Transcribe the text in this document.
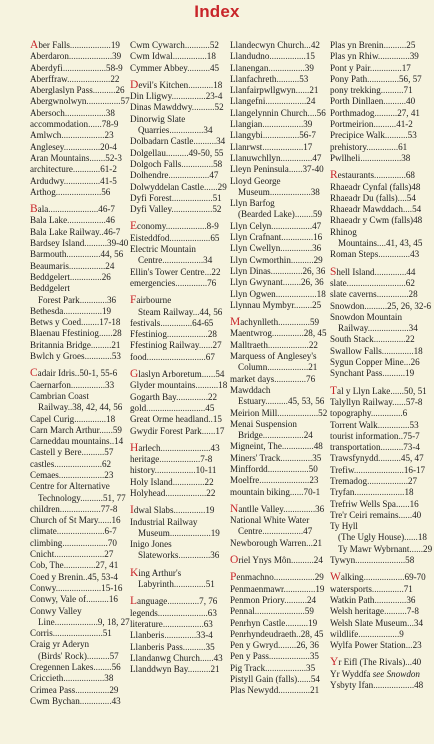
Index
Aber Falls..................19
Aberdaron...................39
Aberdyfi...................58-9
Aberffraw...................22
Aberglaslyn Pass..........26
Abergwnolwyn...............57
Abersoch..................38
accommodation......78-9
Amlwch...................23
Anglesey................20-4
Aran Mountains.......52-3
architecture............61-2
Ardudwy................41-5
Arthog....................56
Bala......................46-7
Bala Lake.................46
Bala Lake Railway..46-7
Bardsey Island..........39-40
Barmouth...............44, 56
Beaumaris................24
Beddgelert..............26
Beddgelert
Forest Park............36
Bethesda.................19
Betws y Coed........17-18
Blaenau Ffestiniog......28
Britannia Bridge.........21
Bwlch y Groes............53
Cadair Idris..50-1, 55-6
Caernarfon...............33
Cambrian Coast
Railway..38, 42, 44, 56
Capel Curig..............18
Carn March Arthur......59
Carneddau mountains..14
Castell y Bere..........57
castles.....................62
Cemaes....................23
Centre for Alternative
Technology..........51, 77
children..................77-8
Church of St Mary......16
climate.....................6-7
climbing....................70
Cnicht......................27
Cob, The..............27, 41
Coed y Brenin..45, 53-4
Conwy....................15-16
Conwy, Vale of..........16
Conwy Valley
Line...................9, 18, 27
Corris......................51
Craig yr Aderyn
(Birds' Rock)..........57
Cregennen Lakes........56
Criccieth..................38
Crimea Pass...............29
Cwm Bychan..............43
Cwm Cywarch...........52
Cwm Idwal...............18
Cymmer Abbey..........45
Devil's Kitchen...........18
Din Lligwy...............23-4
Dinas Mawddwy..........52
Dinorwig Slate
Quarries...............34
Dolbadarn Castle..........34
Dolgellau..........49-50, 55
Dolgoch Falls..............58
Dolhendre..................47
Dolwyddelan Castle......29
Dyfi Forest..................51
Dyfi Valley..................52
Economy..................8-9
Eisteddfod..................65
Electric Mountain
Centre..................34
Ellin's Tower Centre...22
emergencies..............76
Fairbourne
Steam Railway...44, 56
festivals..............64-65
Ffestiniog..................28
Ffestiniog Railway......27
food..........................67
Glaslyn Arboretum......54
Glyder mountains..........18
Gogarth Bay..............22
gold..........................45
Great Orme headland..15
Gwydir Forest Park......17
Harlech......................43
heritage..................7-8
history..................10-11
Holy Island..............22
Holyhead..................22
Idwal Slabs..............19
Industrial Railway
Museum..................19
Inigo Jones
Slateworks..............36
King Arthur's
Labyrinth..............51
Language..............7, 76
legends......................63
literature..................63
Llanberis..............33-4
Llanberis Pass..........35
Llandanwg Church......43
Llanddwyn Bay..........21
Llandecwyn Church...42
Llandudno................15
Llanengan................39
Llanfachreth..........53
Llanfairpwllgwyn......21
Llangefni..................24
Llangelynnin Church....56
Llangian..................39
Llangybi................56-7
Llanrwst..................17
Llanuwchllyn..............47
Lleyn Peninsula......37-40
Lloyd George
Museum..................38
Llyn Barfog
(Bearded Lake)........59
Llyn Celyn..................47
Llyn Crafnant..............16
Llyn Cwellyn..............36
Llyn Cwmorthin..........29
Llyn Dinas..............26, 36
Llyn Gwynant........26, 36
Llyn Ogwen..................18
Llynnau Mymbyr........25
Machynlleth..............59
Maentwrog..............28, 45
Malltraeth..................22
Marquess of Anglesey's
Column..................21
market days..............76
Mawddach
Estuary..........45, 53, 56
Meirion Mill..................52
Menai Suspension
Bridge..................24
Migneint, The..............48
Miners' Track..............35
Minffordd..................50
Moelfre......................23
mountain biking......70-1
Nantlle Valley..............36
National White Water
Centre..................47
Newborough Warren...21
Oriel Ynys Môn..........24
Penmachno..................29
Penmaenmawr..............19
Penmon Priory..........24
Pennal......................59
Penrhyn Castle..........19
Penrhyndeudraeth..28, 45
Pen y Gwryd........26, 36
Pen y Pass..................35
Pig Track..................35
Pistyll Gain (falls)......54
Plas Newydd..............21
Plas yn Brenin..........25
Plas yn Rhiw..............39
Pont y Pair..............17
Pony Path..............56, 57
pony trekking..........71
Porth Dinllaen..........40
Porthmadog..........27, 41
Portmeirion..........41-2
Precipice Walk..........53
prehistory..............61
Pwllheli..................38
Restaurants..............68
Rhaeadr Cynfal (falls)48
Rhaeadr Du (falls)....54
Rhaeadr Mawddach....54
Rhaeadr y Cwm (falls)48
Rhinog
Mountains....41, 43, 45
Roman Steps..............43
Shell Island..............44
slate..........................62
slate caverns..............28
Snowdon..........25, 26, 32-6
Snowdon Mountain
Railway..................34
South Stack..............22
Swallow Falls..............18
Sygun Copper Mine...26
Synchant Pass..........19
Tal y Llyn Lake......50, 51
Talyllyn Railway......57-8
topography..............6
Torrent Walk..............53
tourist information..75-7
transportation..........73-4
Trawsfynydd..........45, 47
Trefiw......................16-17
Tremadog..................27
Tryfan......................18
Trefriw Wells Spa......16
Tre'r Ceiri remains......40
Ty Hyll
(The Ugly House)......18
Ty Mawr Wybrnant......29
Tywyn......................58
Walking..................69-70
watersports..............71
Watkin Path..............36
Welsh heritage..........7-8
Welsh Slate Museum...34
wildlife..................9
Wylfa Power Station...23
Yr Eifl (The Rivals)...40
Yr Wyddfa see Snowdon
Ysbyty Ifan..................48
